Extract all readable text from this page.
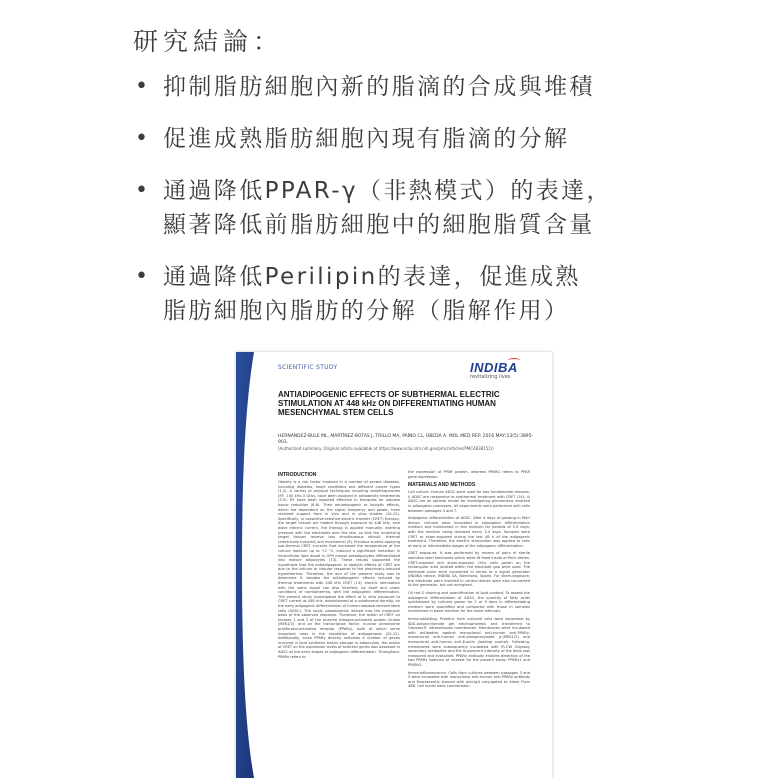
研究結論：
• 抑制脂肪細胞內新的脂滴的合成與堆積
• 促進成熟脂肪細胞內現有脂滴的分解
• 通過降低PPAR-γ（非熱模式）的表達，
顯著降低前脂肪細胞中的細胞脂質含量
• 通過降低Perilipin的表達，促進成熟
脂肪細胞內脂肪的分解（脂解作用）
SCIENTIFIC STUDY	INDIBA
revitalizing lives
ANTIADIPOGENIC EFFECTS OF SUBTHERMAL ELECTRIC STIMULATION AT 448 kHz ON DIFFERENTIATING HUMAN MESENCHYMAL STEM CELLS
HERNÁNDEZ-BULE ML, MARTÍNEZ-BOTAS J, TRILLO MA, PAÍNO CL, ÚBEDA A. MOL MED REP. 2016 MAY;13(5):3895-903.
(Authorized summary. Original article available at https://www.ncbi.nlm.nih.gov/pmc/articles/PMC4838151/)
INTRODUCTION

Obesity is a risk factor involved in a number of severe diseases, including diabetes, heart conditions and different cancer types (1,2). A variety of physical techniques including radiofrequencies (RF, 100 kHz-3 GHz), have been assayed in antiobesity treatments (3-5). RF have been reported effective in therapies for adipose tissue reduction (6-8). Their antiadipogenic or lipolytic effects, which are dependent on the signal frequency and power, have received support from in vivo and in vitro studies (10-12). Specifically, in capacitive-resistive electric transfer (CRET) therapy, the target tissues are heated through exposure to 448 kHz, sine wave electric current, the therapy is applied manually, exerting pressure with the electrodes over the skin, so that the underlying target tissues receive two simultaneous stimuli: thermal (electrically-induced) and mechanical (9). Previous studies applying sub-thermal CRET currents that increased the temperature of the culture medium up to +2 °C, induced a significant reduction in intracellular lipid depot in OP9 mouse preadipocytes differentiated into mature adipocytes (13). These results supported the hypothesis that the antiadipogenic or lipolytic effects of CRET are due to the cellular or tissular response to the electrically-induced hyperthermia. Therefore, the aim of the present study was to determine if, besides the antiadipogenic effects induced by thermal treatments with 448 kHz CRET (13), electric stimulation with the same signal can also interfere, by itself and under conditions of normothermia, with the adipogenic differentiation. The present study investigated the effect of in vitro exposure to CRET current at 448 kHz, administered at a subthermal density, on the early adipogenic differentiation of human adipose-derived stem cells (ADSC). The study subsequently delved into the molecular basis of the observed response. Therefore, the action of CRET on kinases 1 and 2 of the enzyme mitogen-activated protein kinase (MEK1/2), and on the transcription factor, nuclear peroxisome proliferator-activated receptor (PPARγ), both of which serve important roles in the regulation of adipogenesis (20-22). Additionally, since PPARγ directly activates a number of genes involved in lipid synthesis and/or storage in adipocytes, the action of CRET on the expression levels of selected genes was assessed in ADSC at the early stages of adipogenic differentiation. Throughout, PPARγ refers to

the expression of PPAR protein, whereas PPARG refers to PPAR gene expression.

MATERIALS AND METHODS

Cell culture. Human ADSC were used for two fundamental reasons: i) ADSC are responsive to subthermal treatment with CRET (14); ii) ADSC are an optimal model for investigating phenomena involved in adipogenic processes. All experiments were performed with cells between passages 3 and 7.

Adipogenic differentiation of ADSC. After 4 days of growing in Petri dishes, cultures were incubated in adipogenic differentiation medium and maintained in this medium for periods of 2-9 days; with the medium being renewed every 3-4 days. Samples were CRET or sham-exposed during the last 48 h of the adipogenic treatment. Therefore, the electric stimulation was applied to cells at early or intermediate stages of the adipogenic differentiation.

CRET exposure. It was performed by means of pairs of sterile stainless steel electrodes which were fit fixed inside of Petri dishes. CRET-exposed and sham-exposed. Only cells grown on the rectangular area located within the electrode gap were used. The electrode pairs were connected in series to a signal generator (INDIBA device, INDIBA SA, Barcelona, Spain). For sham-exposure, the electrode pairs inserted in control dishes were also connected to the generator, but not energized.

Oil red O staining and quantification of lipid content. To assess the adipogenic differentiation of ADSC, the quantity of fatty acids synthesized by cultures grown for 2 or 9 days in differentiating medium were quantified and compared with those in samples maintained in basal medium for the same intervals.

Immunoblotting. Proteins from cultured cells were separated by SDS-polyacrylamide gel electrophoresis and transferred to Odyssey® nitrocellulose membranes. Membranes were incubated with antibodies against monoclonal anti-human anti-PPARγ, monoclonal anti-human anti-phosphorylated p-(MEK1/2) and monoclonal anti-human anti-β-actin (loading control). Following, membranes were subsequently incubated with IR-CW Odyssey secondary antibodies and the fluorescent intensity of the blots was measured and evaluated. PPARγ antibody enables detection of the two PPARγ isoforms of interest for the present study: PPARγ1 and PPARγ2.

Immunofluorescence. Cells from cultures between passages 3 and 5 were incubated with monoclonal anti-human anti-PPARγ antibody and fluorescently stained with anti-IgG conjugated to Alexa Fluor 488. Cell nuclei were counterstain-
